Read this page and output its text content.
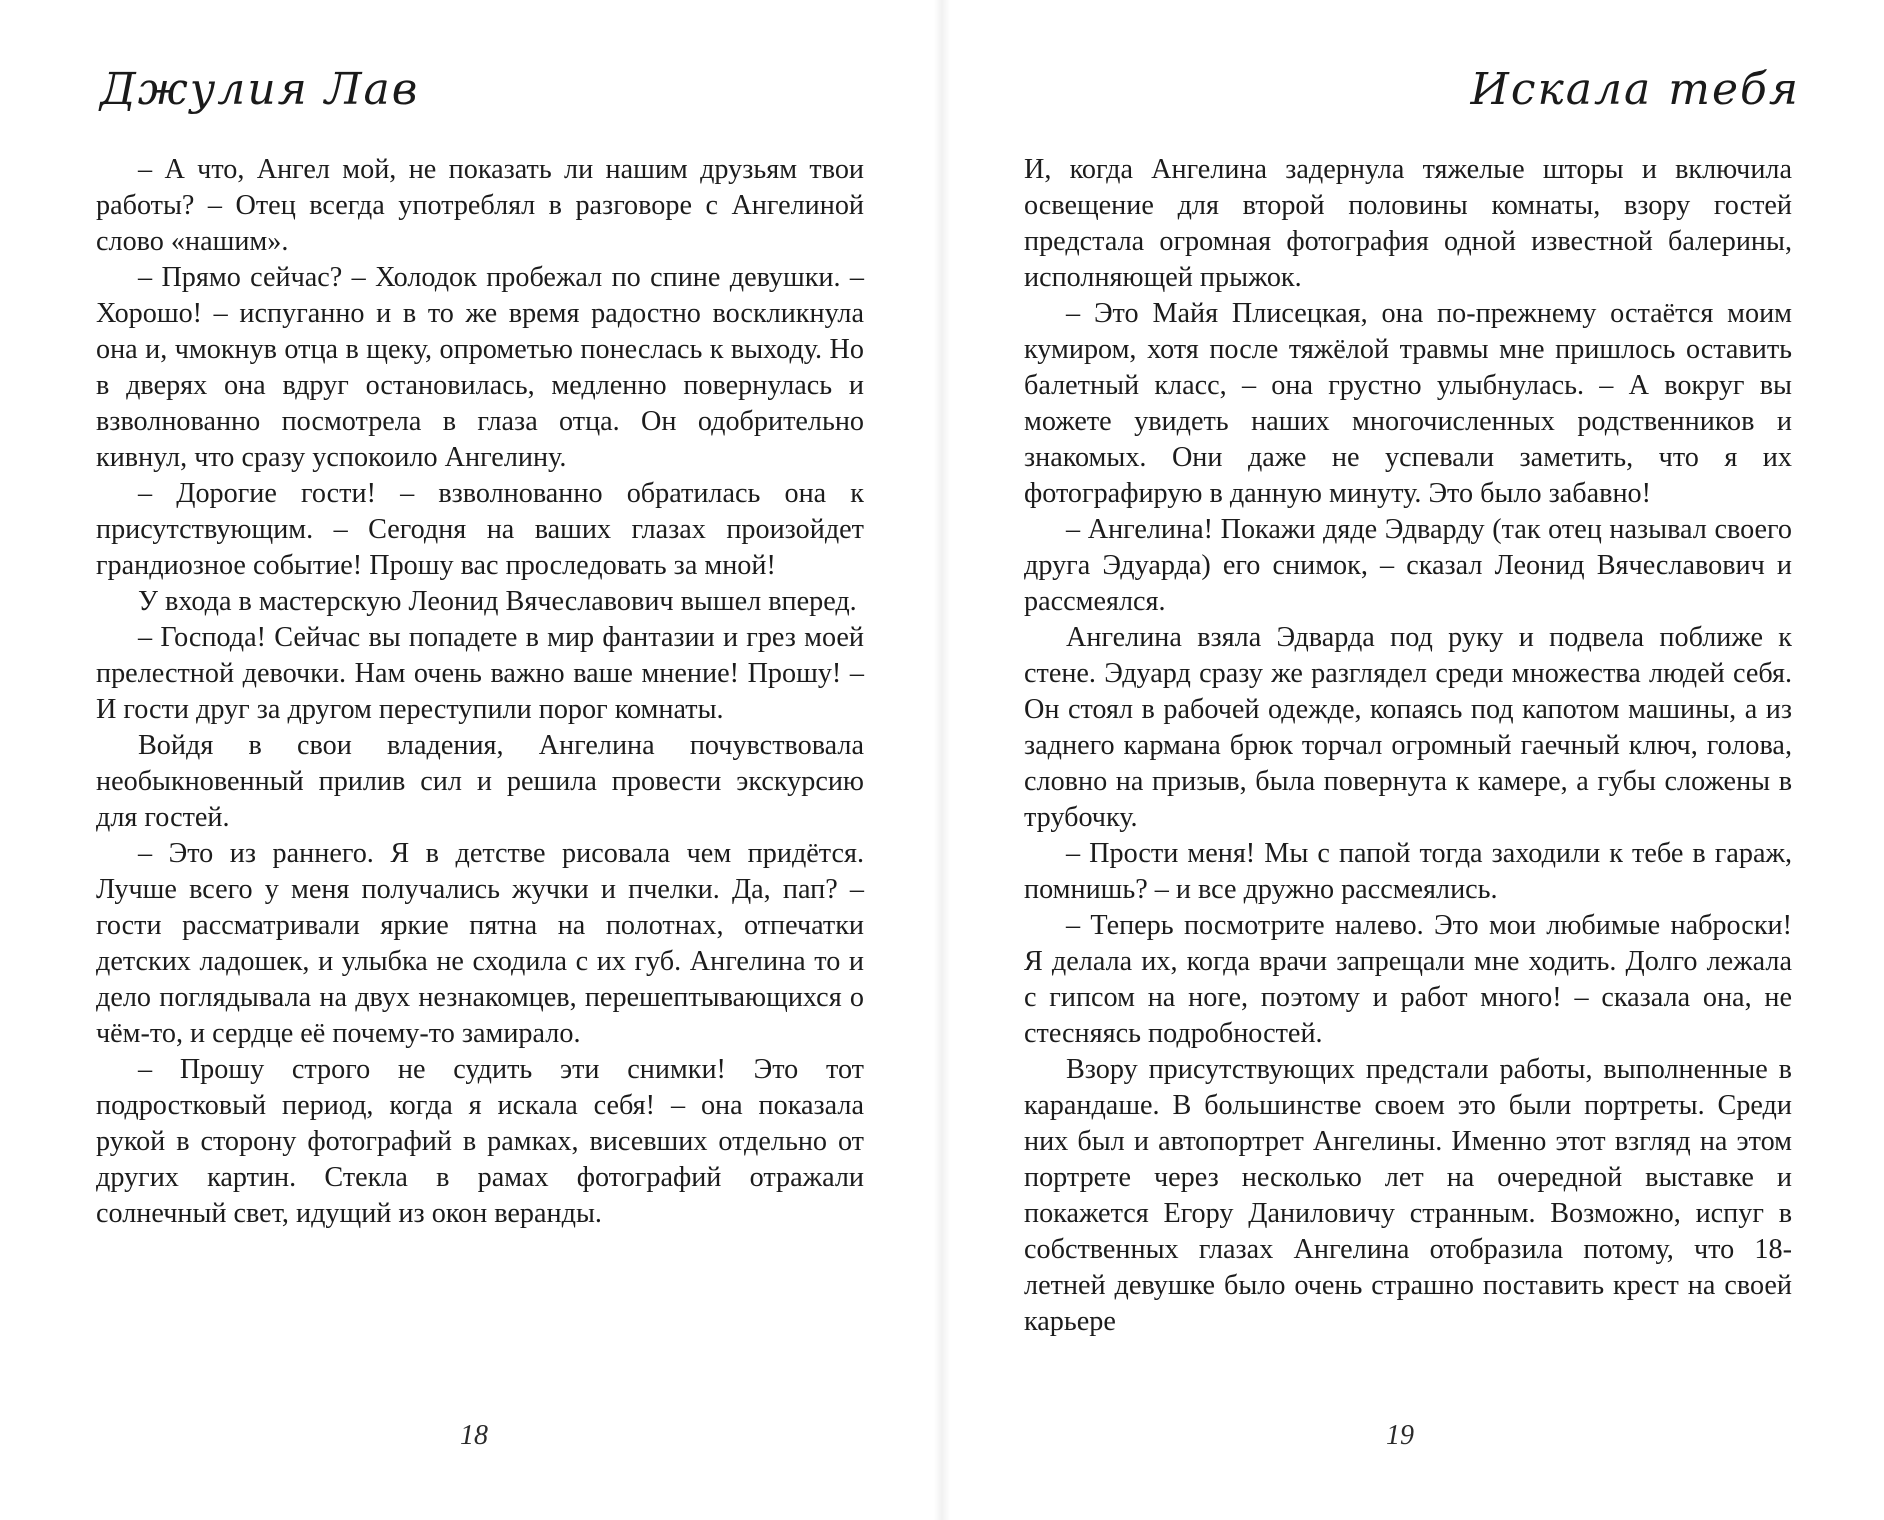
Джулия Лав

– А что, Ангел мой, не показать ли нашим друзьям твои работы? – Отец всегда употреблял в разговоре с Ангелиной слово «нашим».

– Прямо сейчас? – Холодок пробежал по спине девушки. – Хорошо! – испуганно и в то же время радостно воскликнула она и, чмокнув отца в щеку, опрометью понеслась к выходу. Но в дверях она вдруг остановилась, медленно повернулась и взволнованно посмотрела в глаза отца. Он одобрительно кивнул, что сразу успокоило Ангелину.

– Дорогие гости! – взволнованно обратилась она к присутствующим. – Сегодня на ваших глазах произойдет грандиозное событие! Прошу вас проследовать за мной!

У входа в мастерскую Леонид Вячеславович вышел вперед.

– Господа! Сейчас вы попадете в мир фантазии и грез моей прелестной девочки. Нам очень важно ваше мнение! Прошу! – И гости друг за другом переступили порог комнаты.

Войдя в свои владения, Ангелина почувствовала необыкновенный прилив сил и решила провести экскурсию для гостей.

– Это из раннего. Я в детстве рисовала чем придётся. Лучше всего у меня получались жучки и пчелки. Да, пап? – гости рассматривали яркие пятна на полотнах, отпечатки детских ладошек, и улыбка не сходила с их губ. Ангелина то и дело поглядывала на двух незнакомцев, перешептывающихся о чём-то, и сердце её почему-то замирало.

– Прошу строго не судить эти снимки! Это тот подростковый период, когда я искала себя! – она показала рукой в сторону фотографий в рамках, висевших отдельно от других картин. Стекла в рамах фотографий отражали солнечный свет, идущий из окон веранды.

18
Искала тебя

И, когда Ангелина задернула тяжелые шторы и включила освещение для второй половины комнаты, взору гостей предстала огромная фотография одной известной балерины, исполняющей прыжок.

– Это Майя Плисецкая, она по-прежнему остаётся моим кумиром, хотя после тяжёлой травмы мне пришлось оставить балетный класс, – она грустно улыбнулась. – А вокруг вы можете увидеть наших многочисленных родственников и знакомых. Они даже не успевали заметить, что я их фотографирую в данную минуту. Это было забавно!

– Ангелина! Покажи дяде Эдварду (так отец называл своего друга Эдуарда) его снимок, – сказал Леонид Вячеславович и рассмеялся.

Ангелина взяла Эдварда под руку и подвела поближе к стене. Эдуард сразу же разглядел среди множества людей себя. Он стоял в рабочей одежде, копаясь под капотом машины, а из заднего кармана брюк торчал огромный гаечный ключ, голова, словно на призыв, была повернута к камере, а губы сложены в трубочку.

– Прости меня! Мы с папой тогда заходили к тебе в гараж, помнишь? – и все дружно рассмеялись.

– Теперь посмотрите налево. Это мои любимые наброски! Я делала их, когда врачи запрещали мне ходить. Долго лежала с гипсом на ноге, поэтому и работ много! – сказала она, не стесняясь подробностей.

Взору присутствующих предстали работы, выполненные в карандаше. В большинстве своем это были портреты. Среди них был и автопортрет Ангелины. Именно этот взгляд на этом портрете через несколько лет на очередной выставке и покажется Егору Даниловичу странным. Возможно, испуг в собственных глазах Ангелина отобразила потому, что 18-летней девушке было очень страшно поставить крест на своей карьере

19
